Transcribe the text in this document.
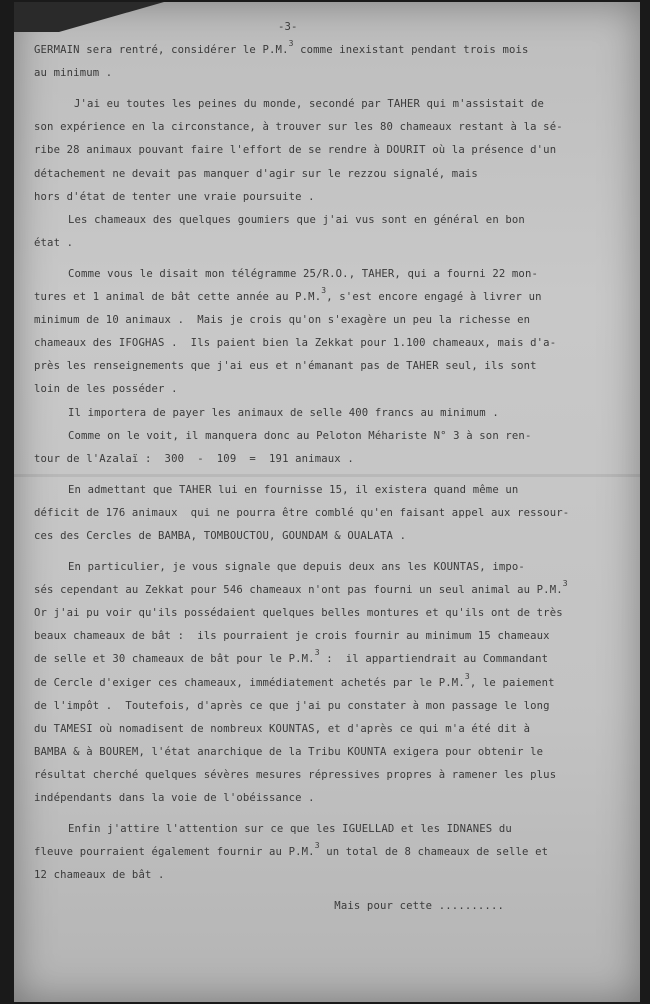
-3-
GERMAIN sera rentré, considérer le P.M.$^3$ comme inexistant pendant trois mois
au minimum .
J'ai eu toutes les peines du monde, secondé par TAHER qui m'assistait de
son expérience en la circonstance, à trouver sur les 80 chameaux restant à la sé-
ribe 28 animaux pouvant faire l'effort de se rendre à DOURIT où la présence d'un
détachement ne devait pas manquer d'agir sur le rezzou signalé, mais
hors d'état de tenter une vraie poursuite .
Les chameaux des quelques goumiers que j'ai vus sont en général en bon
état .
Comme vous le disait mon télégramme 25/R.O., TAHER, qui a fourni 22 mon-
tures et 1 animal de bât cette année au P.M.$^3$, s'est encore engagé à livrer un
minimum de 10 animaux .  Mais je crois qu'on s'exagère un peu la richesse en
chameaux des IFOGHAS .  Ils paient bien la Zekkat pour 1.100 chameaux, mais d'a-
près les renseignements que j'ai eus et n'émanant pas de TAHER seul, ils sont
loin de les posséder .
Il importera de payer les animaux de selle 400 francs au minimum .
Comme on le voit, il manquera donc au Peloton Méhariste N° 3 à son ren-
tour de l'Azalaï :  300  -  109  =  191 animaux .
En admettant que TAHER lui en fournisse 15, il existera quand même un
déficit de 176 animaux  qui ne pourra être comblé qu'en faisant appel aux ressour-
ces des Cercles de BAMBA, TOMBOUCTOU, GOUNDAM & OUALATA .
En particulier, je vous signale que depuis deux ans les KOUNTAS, impo-
sés cependant au Zekkat pour 546 chameaux n'ont pas fourni un seul animal au P.M.$^3$
Or j'ai pu voir qu'ils possédaient quelques belles montures et qu'ils ont de très
beaux chameaux de bât :  ils pourraient je crois fournir au minimum 15 chameaux
de selle et 30 chameaux de bât pour le P.M.$^3$ :  il appartiendrait au Commandant
de Cercle d'exiger ces chameaux, immédiatement achetés par le P.M.$^3$, le paiement
de l'impôt .  Toutefois, d'après ce que j'ai pu constater à mon passage le long
du TAMESI où nomadisent de nombreux KOUNTAS, et d'après ce qui m'a été dit à
BAMBA & à BOUREM, l'état anarchique de la Tribu KOUNTA exigera pour obtenir le
résultat cherché quelques sévères mesures répressives propres à ramener les plus
indépendants dans la voie de l'obéissance .
Enfin j'attire l'attention sur ce que les IGUELLAD et les IDNANES du
fleuve pourraient également fournir au P.M.$^3$ un total de 8 chameaux de selle et
12 chameaux de bât .
Mais pour cette ..........
